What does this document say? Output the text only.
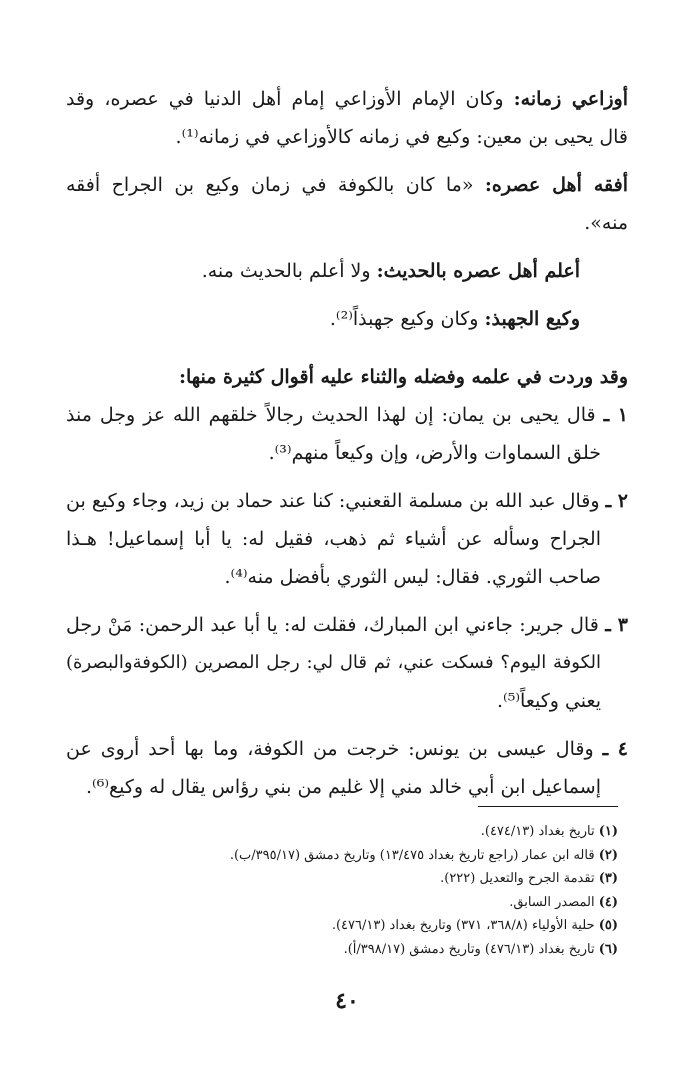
أوزاعي زمانه: وكان الإمام الأوزاعي إمام أهل الدنيا في عصره، وقد
قال يحيى بن معين: وكيع في زمانه كالأوزاعي في زمانه⁽¹⁾.
أفقه أهل عصره: «ما كان بالكوفة في زمان وكيع بن الجراح أفقه
منه».
أعلم أهل عصره بالحديث: ولا أعلم بالحديث منه.
وكيع الجهبذ: وكان وكيع جهبذاً⁽²⁾.
وقد وردت في علمه وفضله والثناء عليه أقوال كثيرة منها:
١ ـ قال يحيى بن يمان: إن لهذا الحديث رجالاً خلقهم الله عز وجل منذ
خلق السماوات والأرض، وإن وكيعاً منهم⁽³⁾.
٢ ـ وقال عبد الله بن مسلمة القعنبي: كنا عند حماد بن زيد، وجاء وكيع بن
الجراح وسأله عن أشياء ثم ذهب، فقيل له: يا أبا إسماعيل! هـذا
صاحب الثوري. فقال: ليس الثوري بأفضل منه⁽⁴⁾.
٣ ـ قال جرير: جاءني ابن المبارك، فقلت له: يا أبا عبد الرحمن: مَنْ رجل
الكوفة اليوم؟ فسكت عني، ثم قال لي: رجل المصرين (الكوفةوالبصرة)
يعني وكيعاً⁽⁵⁾.
٤ ـ وقال عيسى بن يونس: خرجت من الكوفة، وما بها أحد أروى عن
إسماعيل ابن أبي خالد مني إلا غليم من بني رؤاس يقال له وكيع⁽⁶⁾.
(١) تاريخ بغداد (٤٧٤/١٣).
(٢) قاله ابن عمار (راجع تاريخ بغداد ١٣/٤٧٥) وتاريخ دمشق (٣٩٥/١٧/ب).
(٣) تقدمة الجرح والتعديل (٢٢٢).
(٤) المصدر السابق.
(٥) حلية الأولياء (٣٦٨/٨، ٣٧١) وتاريخ بغداد (٤٧٦/١٣).
(٦) تاريخ بغداد (٤٧٦/١٣) وتاريخ دمشق (٣٩٨/١٧/أ).
٤٠
